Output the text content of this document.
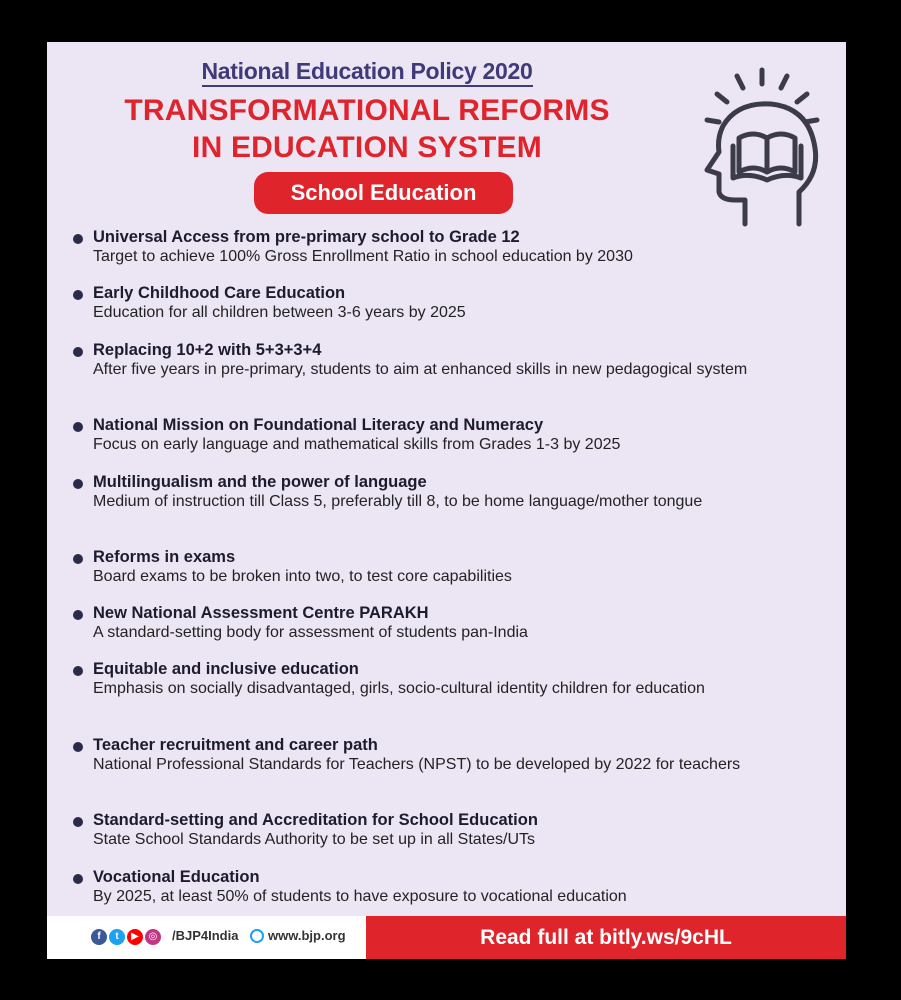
National Education Policy 2020
TRANSFORMATIONAL REFORMS
IN EDUCATION SYSTEM
School Education
Universal Access from pre-primary school to Grade 12
Target to achieve 100% Gross Enrollment Ratio in school education by 2030
Early Childhood Care Education
Education for all children between 3-6 years by 2025
Replacing 10+2 with 5+3+3+4
After five years in pre-primary, students to aim at enhanced skills in new pedagogical system
National Mission on Foundational Literacy and Numeracy
Focus on early language and mathematical skills from Grades 1-3 by 2025
Multilingualism and the power of language
Medium of instruction till Class 5, preferably till 8, to be home language/mother tongue
Reforms in exams
Board exams to be broken into two, to test core capabilities
New National Assessment Centre PARAKH
A standard-setting body for assessment of students pan-India
Equitable and inclusive education
Emphasis on socially disadvantaged, girls, socio-cultural identity children for education
Teacher recruitment and career path
National Professional Standards for Teachers (NPST) to be developed by 2022 for teachers
Standard-setting and Accreditation for School Education
State School Standards Authority to be set up in all States/UTs
Vocational Education
By 2025, at least 50% of students to have exposure to vocational education
f	t	▶ ◎ /BJP4India www.bjp.org	Read full at bitly.ws/9cHL
